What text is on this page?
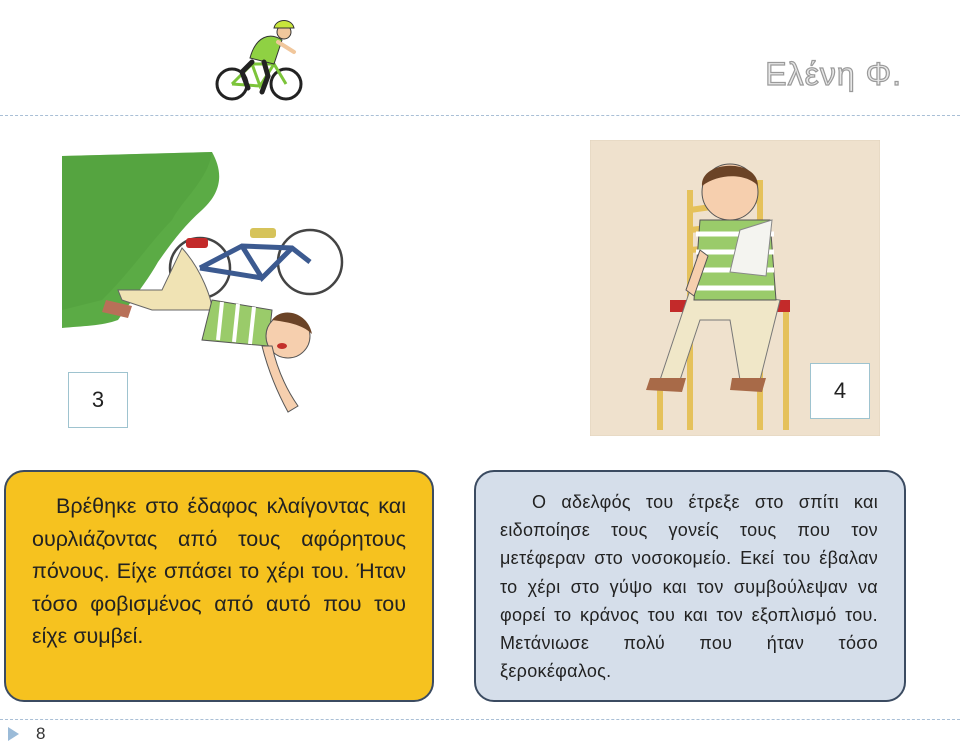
Ελένη Φ.
3	4

Βρέθηκε στο έδαφος κλαίγοντας και ουρλιάζοντας από τους αφόρητους πόνους. Είχε σπάσει το χέρι του. Ήταν τόσο φοβισμένος από αυτό που του είχε συμβεί.

Ο αδελφός του έτρεξε στο σπίτι και ειδοποίησε τους γονείς τους που τον μετέφεραν στο νοσοκομείο. Εκεί του έβαλαν το χέρι στο γύψο και τον συμβούλεψαν να φορεί το κράνος του και τον εξοπλισμό του. Μετάνιωσε πολύ που ήταν τόσο ξεροκέφαλος.

8
